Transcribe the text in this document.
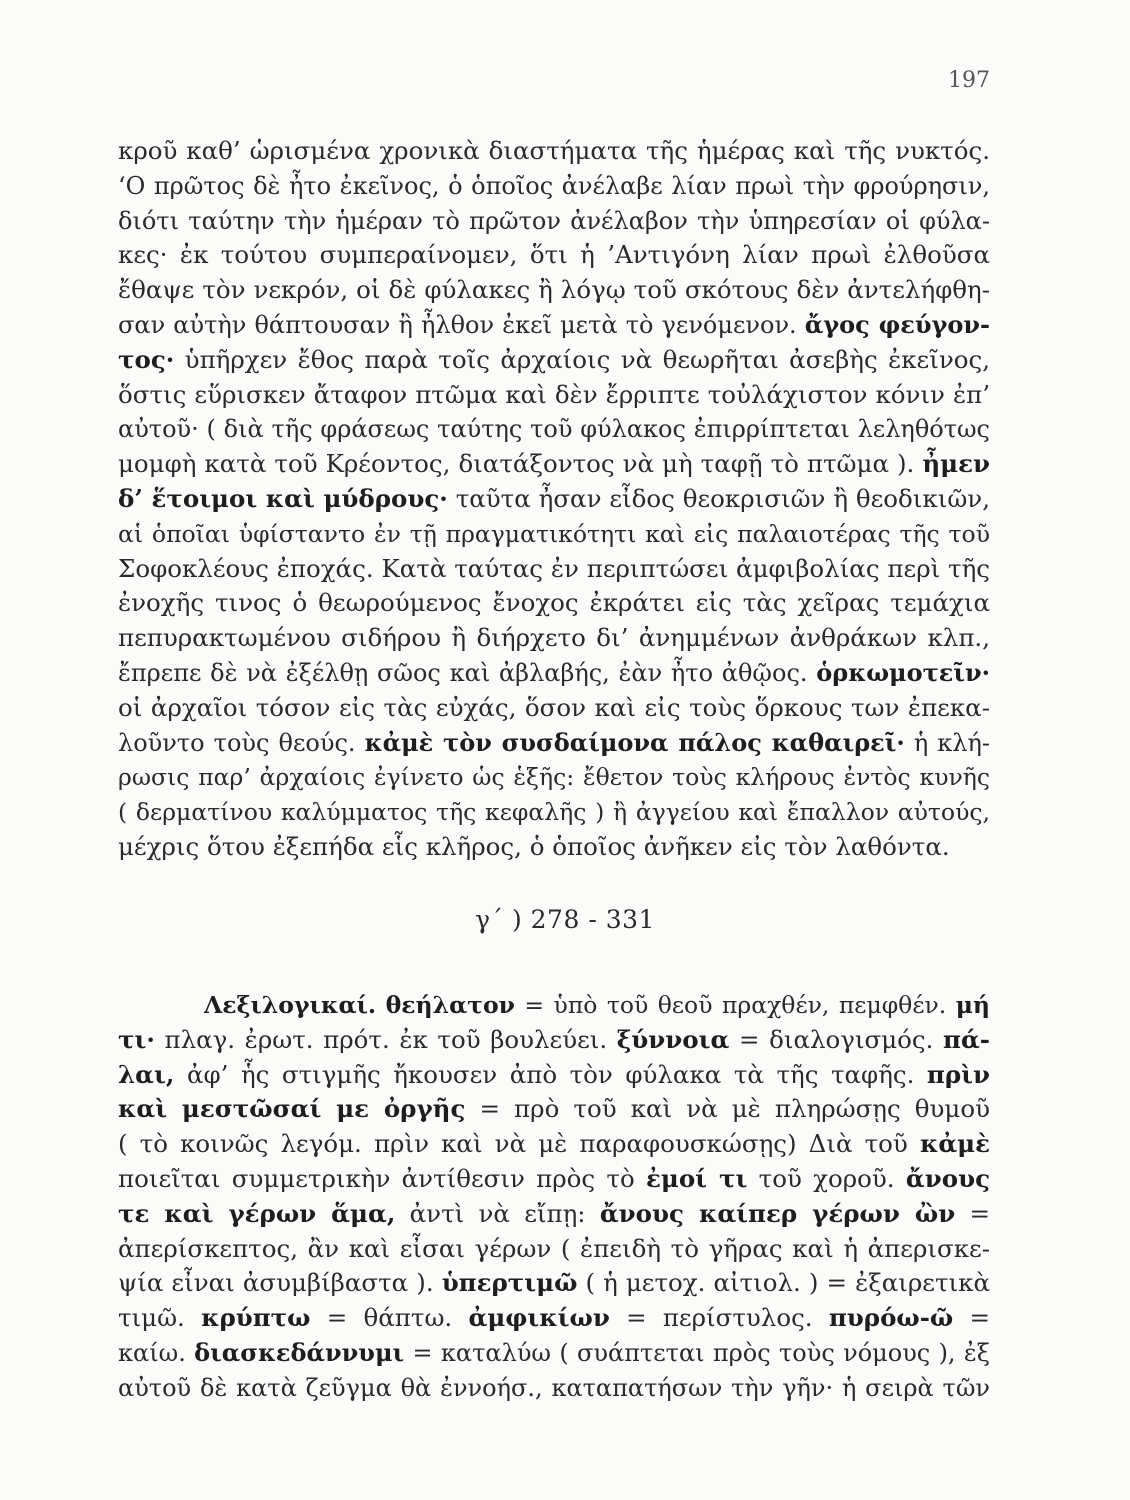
197
κροῦ καθ’ ὡρισμένα χρονικὰ διαστήματα τῆς ἡμέρας καὶ τῆς νυκτός.
‘Ο πρῶτος δὲ ἦτο ἐκεῖνος, ὁ ὁποῖος ἀνέλαβε λίαν πρωὶ τὴν φρούρησιν,
διότι ταύτην τὴν ἡμέραν τὸ πρῶτον ἀνέλαβον τὴν ὑπηρεσίαν οἱ φύλα-
κες· ἐκ τούτου συμπεραίνομεν, ὅτι ἡ ’Αντιγόνη λίαν πρωὶ ἐλθοῦσα
ἔθαψε τὸν νεκρόν, οἱ δὲ φύλακες ἢ λόγῳ τοῦ σκότους δὲν ἀντελήφθη-
σαν αὐτὴν θάπτουσαν ἢ ἦλθον ἐκεῖ μετὰ τὸ γενόμενον. ἄγος φεύγον-
τος· ὑπῆρχεν ἔθος παρὰ τοῖς ἀρχαίοις νὰ θεωρῆται ἀσεβὴς ἐκεῖνος,
ὅστις εὕρισκεν ἄταφον πτῶμα καὶ δὲν ἔρριπτε τοὐλάχιστον κόνιν ἐπ’
αὐτοῦ· ( διὰ τῆς φράσεως ταύτης τοῦ φύλακος ἐπιρρίπτεται λεληθότως
μομφὴ κατὰ τοῦ Κρέοντος, διατάξοντος νὰ μὴ ταφῇ τὸ πτῶμα ). ἦμεν
δ’ ἕτοιμοι καὶ μύδρους· ταῦτα ἦσαν εἶδος θεοκρισιῶν ἢ θεοδικιῶν,
αἱ ὁποῖαι ὑφίσταντο ἐν τῇ πραγματικότητι καὶ εἰς παλαιοτέρας τῆς τοῦ
Σοφοκλέους ἐποχάς. Κατὰ ταύτας ἐν περιπτώσει ἀμφιβολίας περὶ τῆς
ἐνοχῆς τινος ὁ θεωρούμενος ἔνοχος ἐκράτει εἰς τὰς χεῖρας τεμάχια
πεπυρακτωμένου σιδήρου ἢ διήρχετο δι’ ἀνημμένων ἀνθράκων κλπ.,
ἔπρεπε δὲ νὰ ἐξέλθῃ σῶος καὶ ἀβλαβής, ἐὰν ἦτο ἀθῷος. ὁρκωμοτεῖν·
οἱ ἀρχαῖοι τόσον εἰς τὰς εὐχάς, ὅσον καὶ εἰς τοὺς ὅρκους των ἐπεκα-
λοῦντο τοὺς θεούς. κἀμὲ τὸν συσδαίμονα πάλος καθαιρεῖ· ἡ κλή-
ρωσις παρ’ ἀρχαίοις ἐγίνετο ὡς ἑξῆς: ἔθετον τοὺς κλήρους ἐντὸς κυνῆς
( δερματίνου καλύμματος τῆς κεφαλῆς ) ἢ ἀγγείου καὶ ἔπαλλον αὐτούς,
μέχρις ὅτου ἐξεπήδα εἷς κλῆρος, ὁ ὁποῖος ἀνῆκεν εἰς τὸν λαθόντα.
γ´ ) 278 - 331
Λεξιλογικαί. θεήλατον = ὑπὸ τοῦ θεοῦ πραχθέν, πεμφθέν. μή
τι· πλαγ. ἐρωτ. πρότ. ἐκ τοῦ βουλεύει. ξύννοια = διαλογισμός. πά-
λαι, ἀφ’ ἧς στιγμῆς ἤκουσεν ἀπὸ τὸν φύλακα τὰ τῆς ταφῆς. πρὶν
καὶ μεστῶσαί με ὀργῆς = πρὸ τοῦ καὶ νὰ μὲ πληρώσῃς θυμοῦ
( τὸ κοινῶς λεγόμ. πρὶν καὶ νὰ μὲ παραφουσκώσῃς) Διὰ τοῦ κἀμὲ
ποιεῖται συμμετρικὴν ἀντίθεσιν πρὸς τὸ ἐμοί τι τοῦ χοροῦ. ἄνους
τε καὶ γέρων ἅμα, ἀντὶ νὰ εἴπῃ: ἄνους καίπερ γέρων ὢν =
ἀπερίσκεπτος, ἂν καὶ εἶσαι γέρων ( ἐπειδὴ τὸ γῆρας καὶ ἡ ἀπερισκε-
ψία εἶναι ἀσυμβίβαστα ). ὑπερτιμῶ ( ἡ μετοχ. αἰτιολ. ) = ἐξαιρετικὰ
τιμῶ. κρύπτω = θάπτω. ἀμφικίων = περίστυλος. πυρόω-ῶ =
καίω. διασκεδάννυμι = καταλύω ( συάπτεται πρὸς τοὺς νόμους ), ἐξ
αὐτοῦ δὲ κατὰ ζεῦγμα θὰ ἐννοήσ., καταπατήσων τὴν γῆν· ἡ σειρὰ τῶν
